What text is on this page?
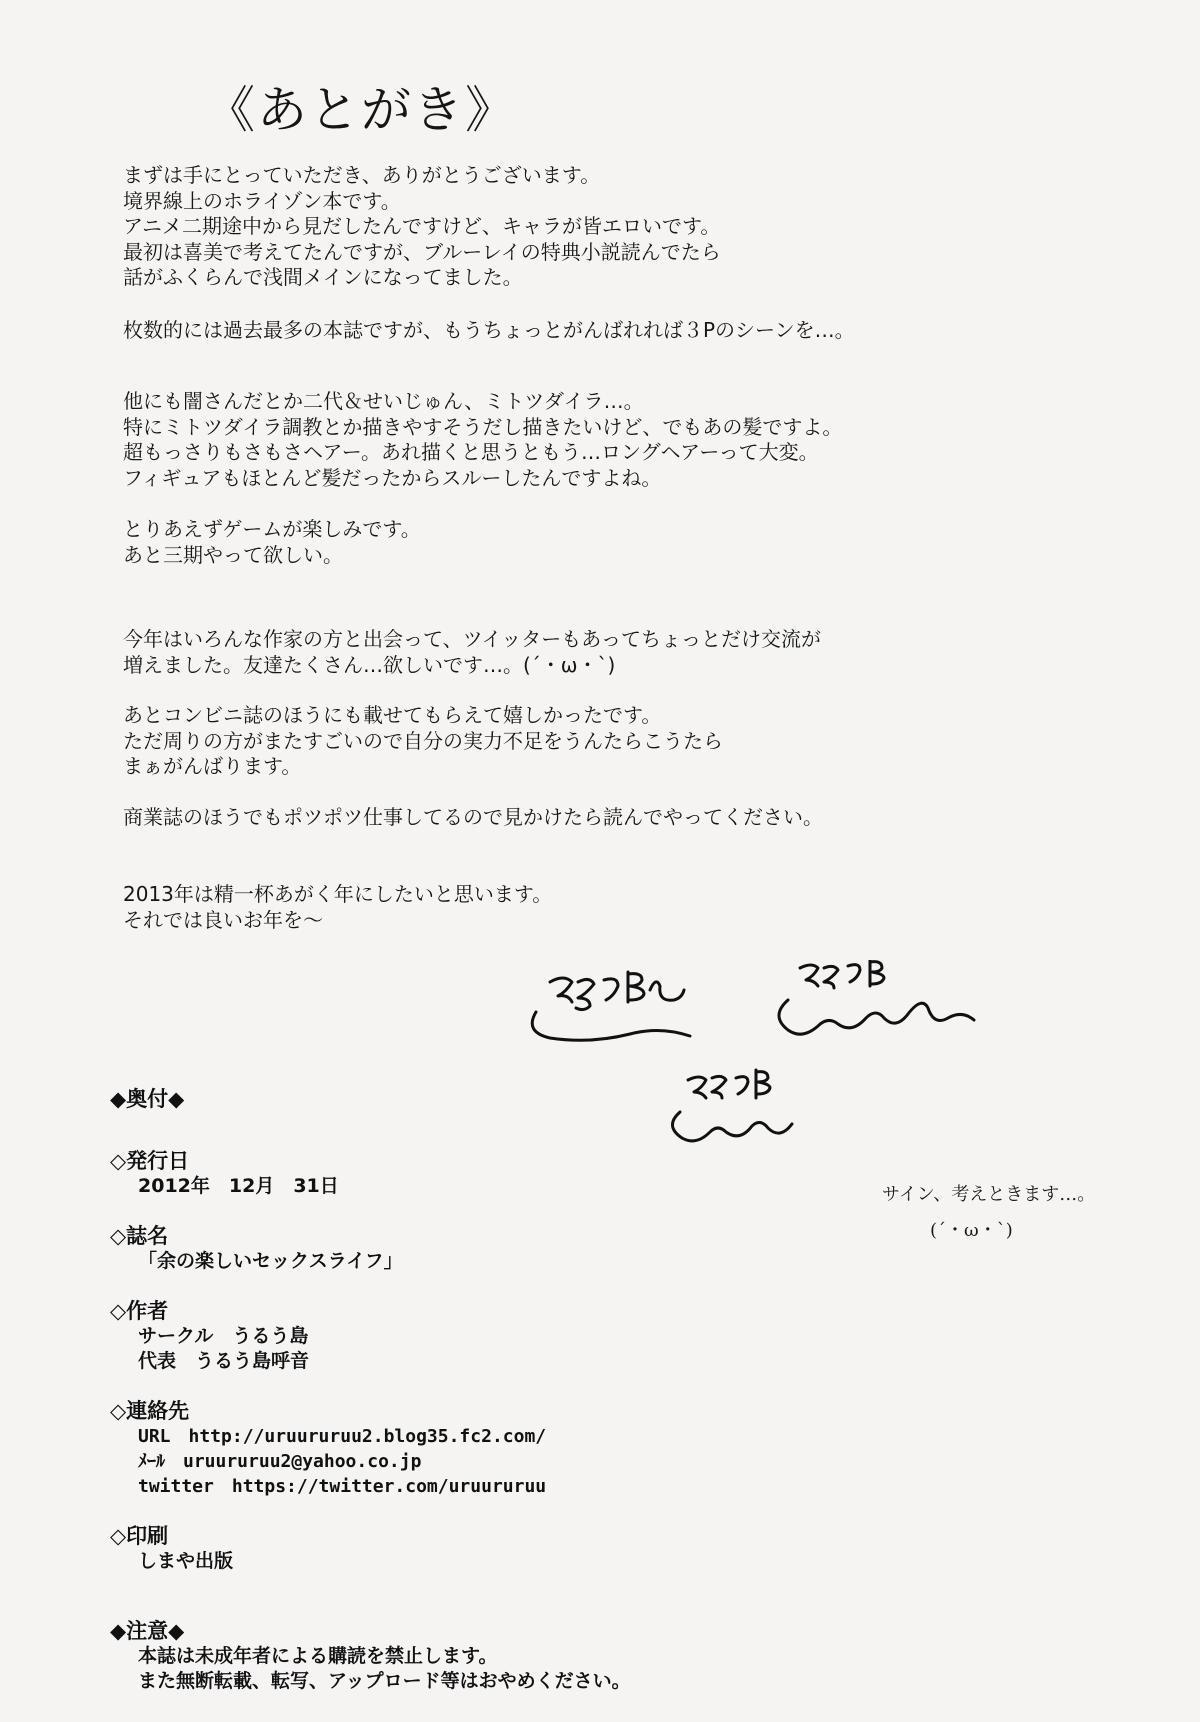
《あとがき》
まずは手にとっていただき、ありがとうございます。
境界線上のホライゾン本です。
アニメ二期途中から見だしたんですけど、キャラが皆エロいです。
最初は喜美で考えてたんですが、ブルーレイの特典小説読んでたら
話がふくらんで浅間メインになってました。
枚数的には過去最多の本誌ですが、もうちょっとがんばれれば３Pのシーンを…。
他にも闇さんだとか二代＆せいじゅん、ミトツダイラ…。
特にミトツダイラ調教とか描きやすそうだし描きたいけど、でもあの髪ですよ。
超もっさりもさもさヘアー。あれ描くと思うともう…ロングヘアーって大変。
フィギュアもほとんど髪だったからスルーしたんですよね。
とりあえずゲームが楽しみです。
あと三期やって欲しい。
今年はいろんな作家の方と出会って、ツイッターもあってちょっとだけ交流が
増えました。友達たくさん…欲しいです…。(´・ω・`)
あとコンビニ誌のほうにも載せてもらえて嬉しかったです。
ただ周りの方がまたすごいので自分の実力不足をうんたらこうたら
まぁがんばります。
商業誌のほうでもポツポツ仕事してるので見かけたら読んでやってください。
2013年は精一杯あがく年にしたいと思います。
それでは良いお年を～
サイン、考えときます…。
(´・ω・`)
◆奥付◆
◇発行日
2012年　12月　31日
◇誌名
「余の楽しいセックスライフ」
◇作者
サークル　うるう島
代表　うるう島呼音
◇連絡先
URL　http://uruururuu2.blog35.fc2.com/
ﾒｰﾙ　uruururuu2@yahoo.co.jp
twitter　https://twitter.com/uruururuu
◇印刷
しまや出版
◆注意◆
本誌は未成年者による購読を禁止します。
また無断転載、転写、アップロード等はおやめください。
